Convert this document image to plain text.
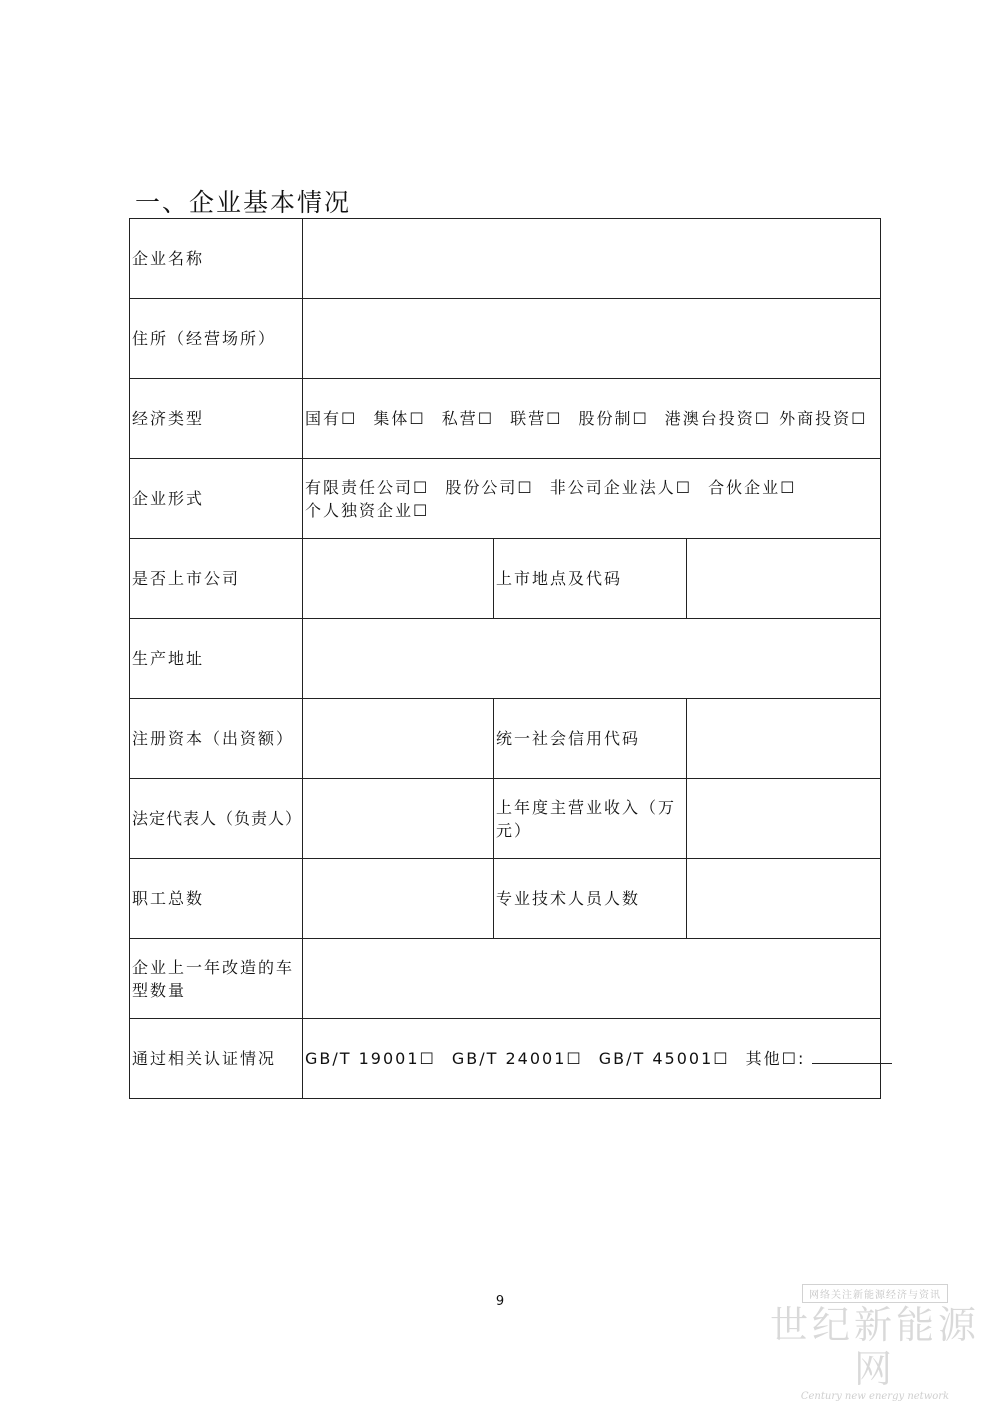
一、企业基本情况
企业名称			
住所（经营场所）			
经济类型	国有☐ 集体☐ 私营☐ 联营☐ 股份制☐ 港澳台投资☐ 外商投资☐		
企业形式	有限责任公司☐ 股份公司☐ 非公司企业法人☐ 合伙企业☐
个人独资企业☐		
是否上市公司		上市地点及代码	
生产地址			
注册资本（出资额）		统一社会信用代码	
法定代表人（负责人）		上年度主营业收入（万元）	
职工总数		专业技术人员人数	
企业上一年改造的车型数量			
通过相关认证情况	GB/T 19001☐ GB/T 24001☐ GB/T 45001☐ 其他☐:		
9	网络关注新能源经济与资讯
世纪新能源网
Century new energy network
